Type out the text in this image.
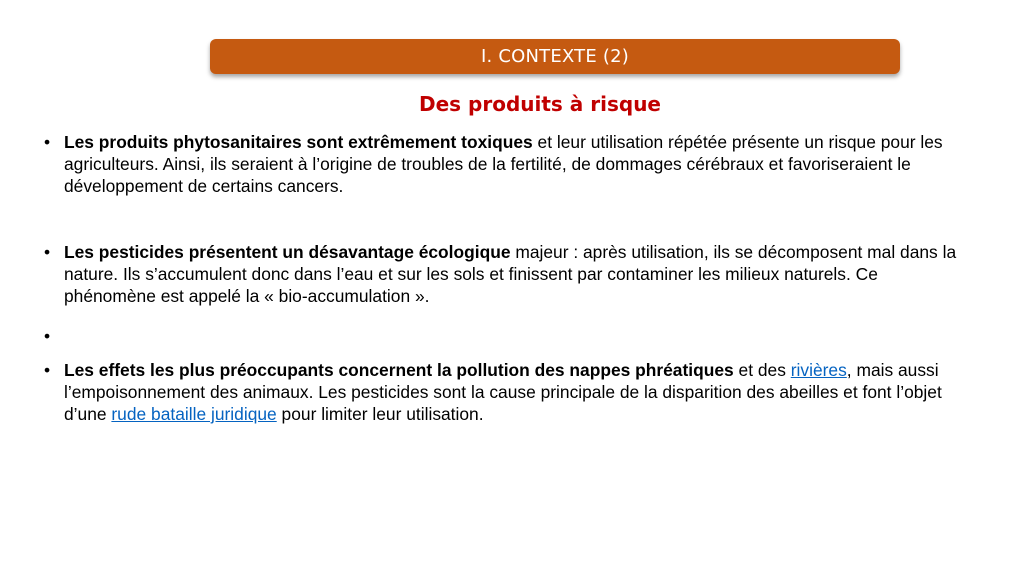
I. CONTEXTE (2)
Des produits à risque
• Les produits phytosanitaires sont extrêmement toxiques et leur utilisation répétée présente un risque pour les agriculteurs. Ainsi, ils seraient à l’origine de troubles de la fertilité, de dommages cérébraux et favoriseraient le développement de certains cancers.
• Les pesticides présentent un désavantage écologique majeur : après utilisation, ils se décomposent mal dans la nature. Ils s’accumulent donc dans l’eau et sur les sols et finissent par contaminer les milieux naturels. Ce phénomène est appelé la « bio-accumulation ».
•
• Les effets les plus préoccupants concernent la pollution des nappes phréatiques et des rivières, mais aussi l’empoisonnement des animaux. Les pesticides sont la cause principale de la disparition des abeilles et font l’objet d’une rude bataille juridique pour limiter leur utilisation.
